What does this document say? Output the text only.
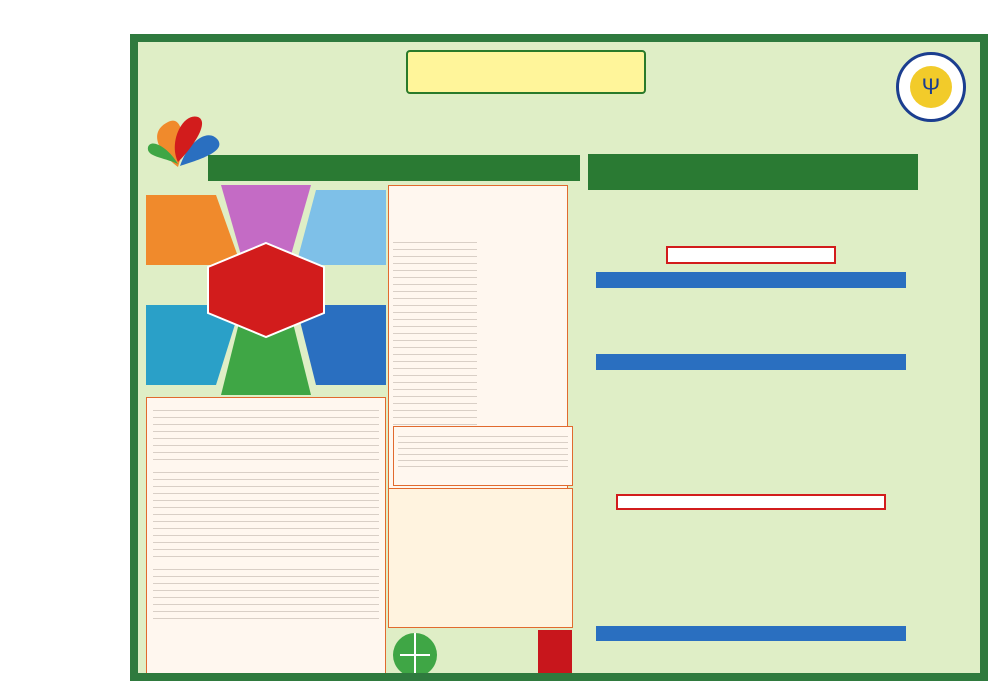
Ψ
